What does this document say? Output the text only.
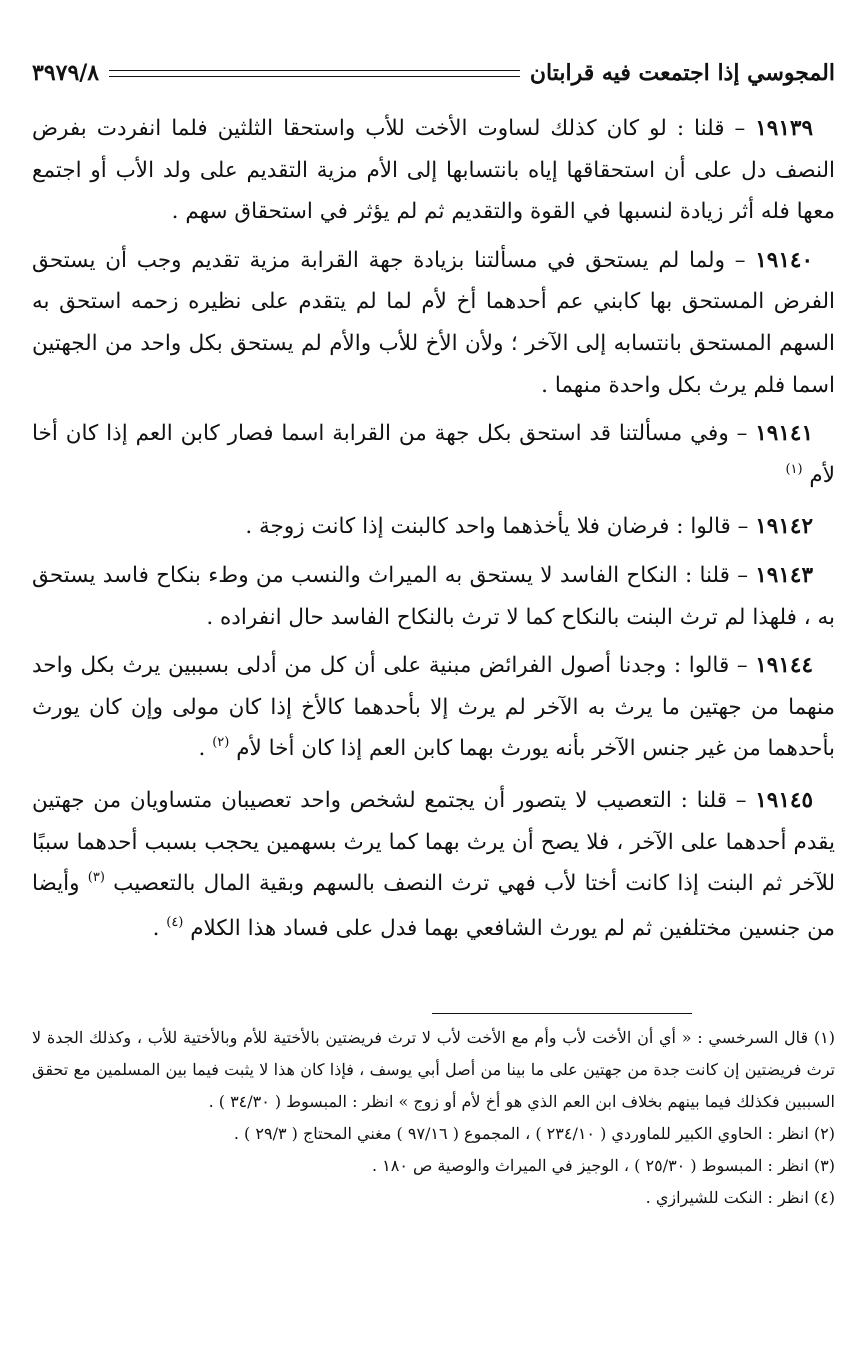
المجوسي إذا اجتمعت فيه قرابتان
٣٩٧٩/٨

١٩١٣٩ – قلنا : لو كان كذلك لساوت الأخت للأب واستحقا الثلثين فلما انفردت بفرض النصف دل على أن استحقاقها إياه بانتسابها إلى الأم مزية التقديم على ولد الأب أو اجتمع معها فله أثر زيادة لنسبها في القوة والتقديم ثم لم يؤثر في استحقاق سهم .

١٩١٤٠ – ولما لم يستحق في مسألتنا بزيادة جهة القرابة مزية تقديم وجب أن يستحق الفرض المستحق بها كابني عم أحدهما أخ لأم لما لم يتقدم على نظيره زحمه استحق به السهم المستحق بانتسابه إلى الآخر ؛ ولأن الأخ للأب والأم لم يستحق بكل واحد من الجهتين اسما فلم يرث بكل واحدة منهما .

١٩١٤١ – وفي مسألتنا قد استحق بكل جهة من القرابة اسما فصار كابن العم إذا كان أخا لأم $^{(١)}$

١٩١٤٢ – قالوا : فرضان فلا يأخذهما واحد كالبنت إذا كانت زوجة .

١٩١٤٣ – قلنا : النكاح الفاسد لا يستحق به الميراث والنسب من وطء بنكاح فاسد يستحق به ، فلهذا لم ترث البنت بالنكاح كما لا ترث بالنكاح الفاسد حال انفراده .

١٩١٤٤ – قالوا : وجدنا أصول الفرائض مبنية على أن كل من أدلى بسببين يرث بكل واحد منهما من جهتين ما يرث به الآخر لم يرث إلا بأحدهما كالأخ إذا كان مولى وإن كان يورث بأحدهما من غير جنس الآخر بأنه يورث بهما كابن العم إذا كان أخا لأم $^{(٢)}$ .

١٩١٤٥ – قلنا : التعصيب لا يتصور أن يجتمع لشخص واحد تعصيبان متساويان من جهتين يقدم أحدهما على الآخر ، فلا يصح أن يرث بهما كما يرث بسهمين يحجب بسبب أحدهما سببًا للآخر ثم البنت إذا كانت أختا لأب فهي ترث النصف بالسهم وبقية المال بالتعصيب $^{(٣)}$ وأيضا من جنسين مختلفين ثم لم يورث الشافعي بهما فدل على فساد هذا الكلام $^{(٤)}$ .

(١) قال السرخسي : « أي أن الأخت لأب وأم مع الأخت لأب لا ترث فريضتين بالأختية للأم وبالأختية للأب ، وكذلك الجدة لا ترث فريضتين إن كانت جدة من جهتين على ما بينا من أصل أبي يوسف ، فإذا كان هذا لا يثبت فيما بين المسلمين مع تحقق السببين فكذلك فيما بينهم بخلاف ابن العم الذي هو أخ لأم أو زوج » انظر : المبسوط ( ٣٤/٣٠ ) .

(٢) انظر : الحاوي الكبير للماوردي ( ٢٣٤/١٠ ) ، المجموع ( ٩٧/١٦ ) مغني المحتاج ( ٢٩/٣ ) .

(٣) انظر : المبسوط ( ٢٥/٣٠ ) ، الوجيز في الميراث والوصية ص ١٨٠ .

(٤) انظر : النكت للشيرازي .
